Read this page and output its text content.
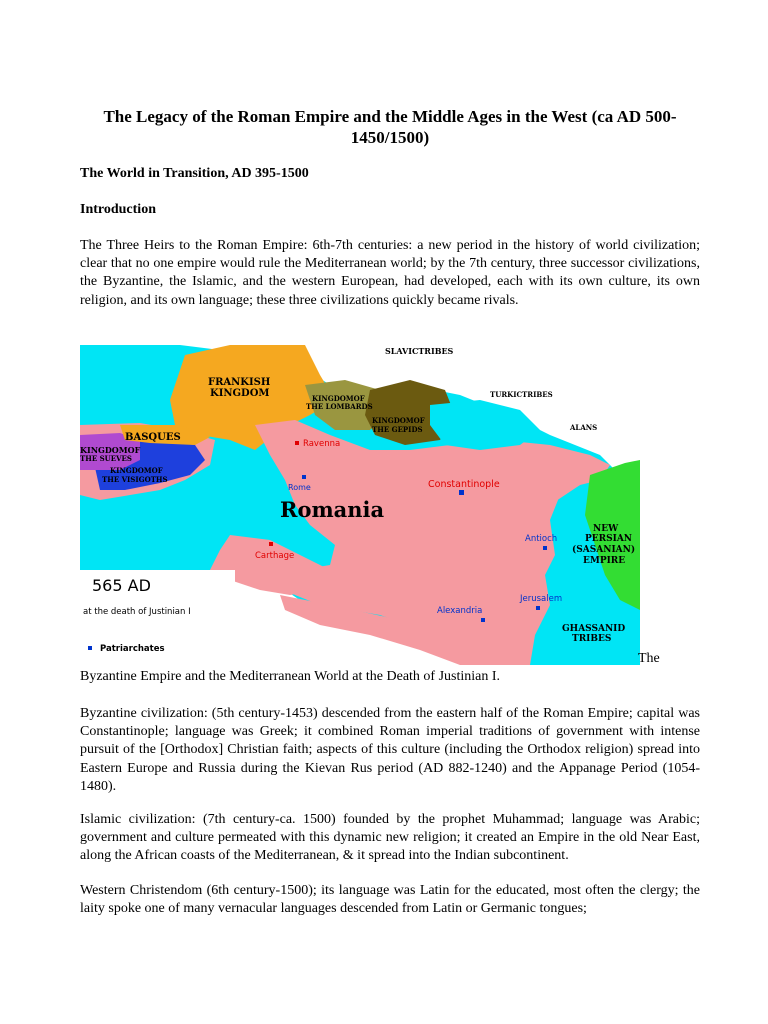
The Legacy of the Roman Empire and the Middle Ages in the West (ca AD 500-1450/1500)
The World in Transition, AD 395-1500
Introduction

The Three Heirs to the Roman Empire: 6th-7th centuries: a new period in the history of world civilization; clear that no one empire would rule the Mediterranean world; by the 7th century, three successor civilizations, the Byzantine, the Islamic, and the western European, had developed, each with its own culture, its own religion, and its own language; these three civilizations quickly became rivals.

SLAVICTRIBES
FRANKISH
KINGDOM	KINGDOMOF
THE LOMBARDS
KINGDOMOF
THE GEPIDS
TURKICTRIBES
ALANS
BASQUES
KINGDOMOF
THE SUEVES
KINGDOMOF
THE VISIGOTHS
Romania
NEW
PERSIAN
(SASANIAN)
EMPIRE
GHASSANID
TRIBES
Ravenna
Rome	Constantinople
Carthage
Antioch
Jerusalem
Alexandria
565 AD
at the death of Justinian I
Patriarchates
The
Byzantine Empire and the Mediterranean World at the Death of Justinian I.

Byzantine civilization: (5th century-1453) descended from the eastern half of the Roman Empire; capital was Constantinople; language was Greek; it combined Roman imperial traditions of government with intense pursuit of the [Orthodox] Christian faith; aspects of this culture (including the Orthodox religion) spread into Eastern Europe and Russia during the Kievan Rus period (AD 882-1240) and the Appanage Period (1054-1480).

Islamic civilization: (7th century-ca. 1500) founded by the prophet Muhammad; language was Arabic; government and culture permeated with this dynamic new religion; it created an Empire in the old Near East, along the African coasts of the Mediterranean, & it spread into the Indian subcontinent.

Western Christendom (6th century-1500); its language was Latin for the educated, most often the clergy; the laity spoke one of many vernacular languages descended from Latin or Germanic tongues;
